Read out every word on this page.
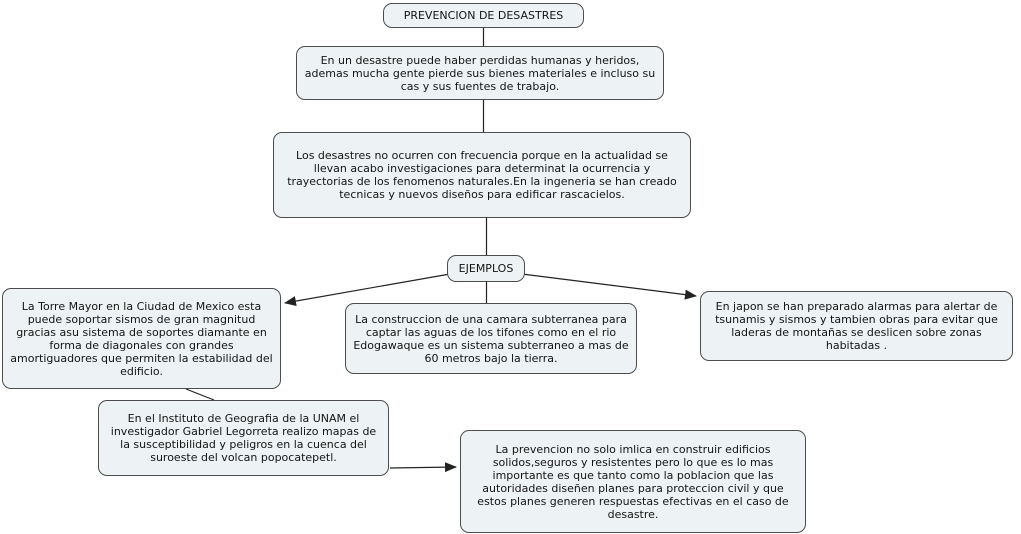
PREVENCION DE DESASTRES
En un desastre puede haber perdidas humanas y heridos, ademas mucha gente pierde sus bienes materiales e incluso su cas y sus fuentes de trabajo.
Los desastres no ocurren con frecuencia porque en la actualidad se llevan acabo investigaciones para determinat la ocurrencia y trayectorias de los fenomenos naturales.En la ingeneria se han creado tecnicas y nuevos diseños para edificar rascacielos.
EJEMPLOS
La Torre Mayor en la Ciudad de Mexico esta puede soportar sismos de gran magnitud gracias asu sistema de soportes diamante en forma de diagonales con grandes amortiguadores que permiten la estabilidad del edificio.
La construccion de una camara subterranea para captar las aguas de los tifones como en el rio Edogawaque es un sistema subterraneo a mas de 60 metros bajo la tierra.
En japon se han preparado alarmas para alertar de tsunamis y sismos y tambien obras para evitar que laderas de montañas se deslicen sobre zonas habitadas .
En el Instituto de Geografia de la UNAM el investigador Gabriel Legorreta realizo mapas de la susceptibilidad y peligros en la cuenca del suroeste del volcan popocatepetl.
La prevencion no solo imlica en construir edificios solidos,seguros y resistentes pero lo que es lo mas importante es que tanto como la poblacion que las autoridades diseñen planes para proteccion civil y que estos planes generen respuestas efectivas en el caso de desastre.
